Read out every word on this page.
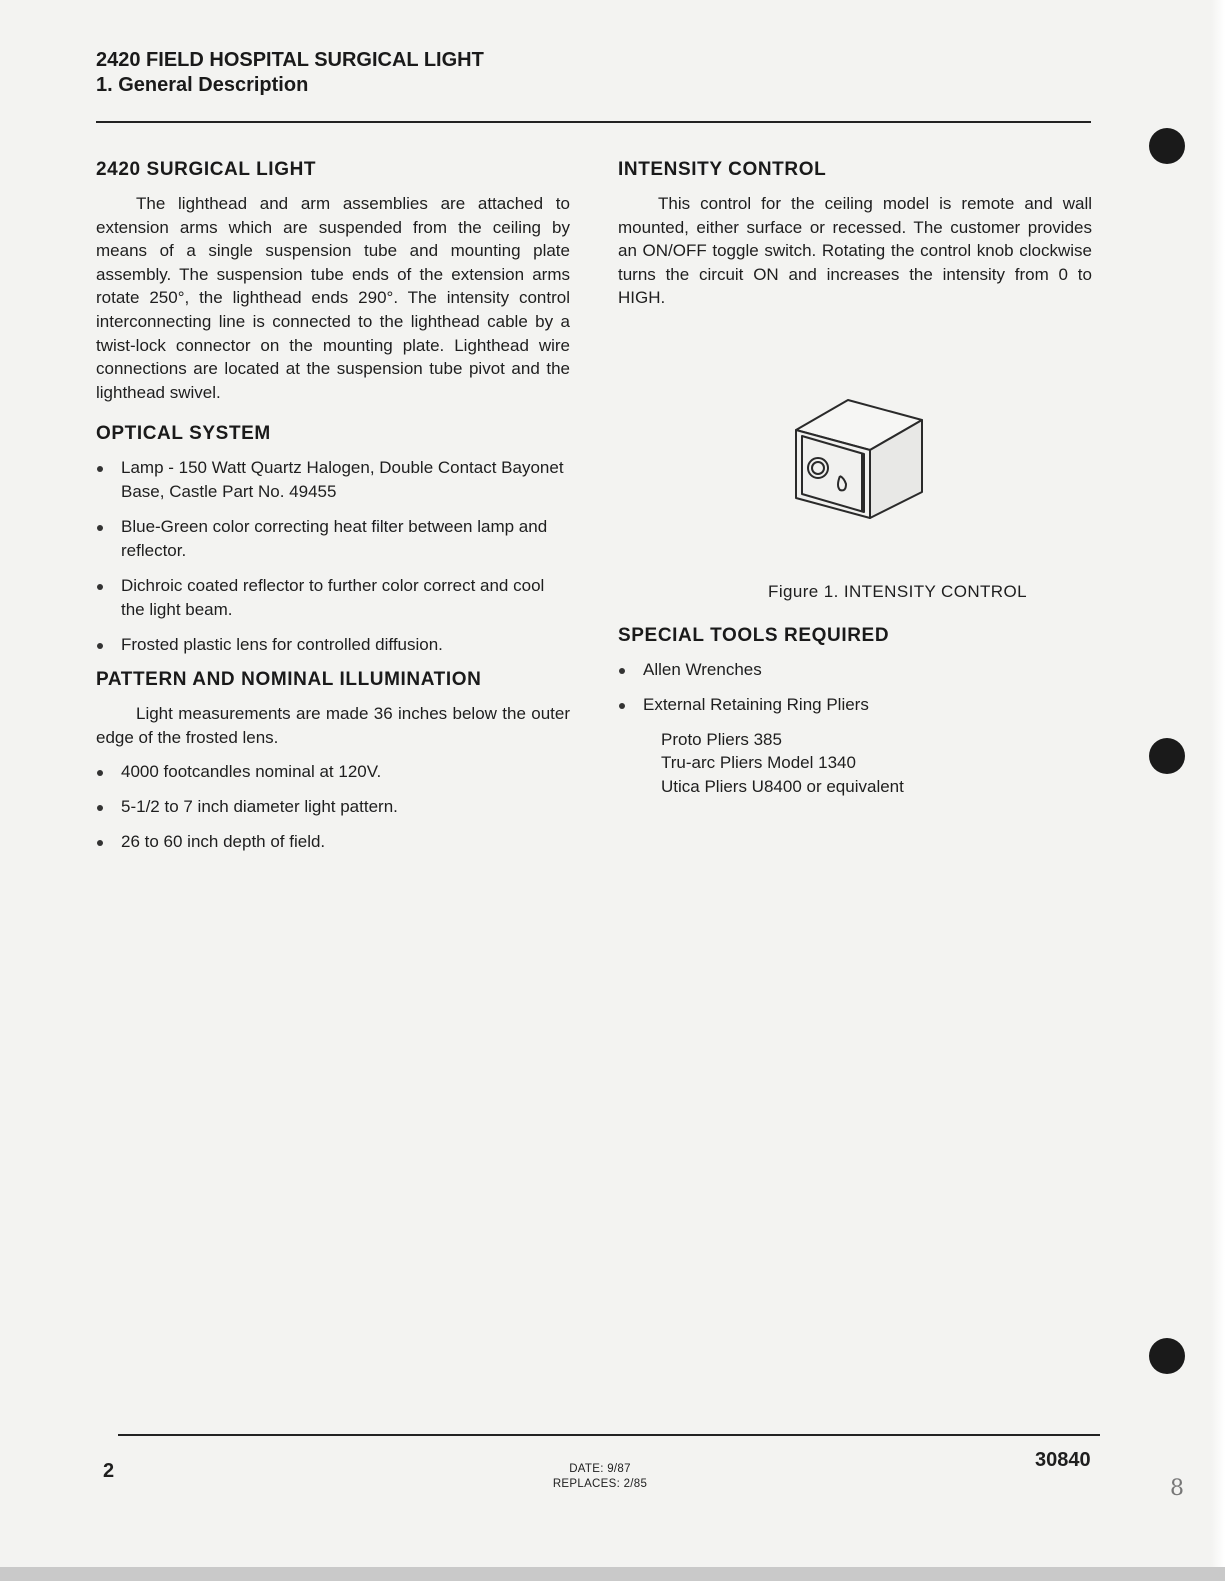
2420 FIELD HOSPITAL SURGICAL LIGHT
1. General Description
2420 SURGICAL LIGHT

The lighthead and arm assemblies are attached to extension arms which are suspended from the ceiling by means of a single suspension tube and mounting plate assembly. The suspension tube ends of the extension arms rotate 250°, the lighthead ends 290°. The intensity control interconnecting line is connected to the lighthead cable by a twist-lock connector on the mounting plate. Lighthead wire connections are located at the suspension tube pivot and the lighthead swivel.

OPTICAL SYSTEM
Lamp - 150 Watt Quartz Halogen, Double Contact Bayonet Base, Castle Part No. 49455
Blue-Green color correcting heat filter between lamp and reflector.
Dichroic coated reflector to further color correct and cool the light beam.
Frosted plastic lens for controlled diffusion.
PATTERN AND NOMINAL ILLUMINATION

Light measurements are made 36 inches below the outer edge of the frosted lens.

4000 footcandles nominal at 120V.
5-1/2 to 7 inch diameter light pattern.
26 to 60 inch depth of field.
INTENSITY CONTROL

This control for the ceiling model is remote and wall mounted, either surface or recessed. The customer provides an ON/OFF toggle switch. Rotating the control knob clockwise turns the circuit ON and increases the intensity from 0 to HIGH.

Figure 1. INTENSITY CONTROL
SPECIAL TOOLS REQUIRED
Allen Wrenches
External Retaining Ring Pliers
Proto Pliers 385
Tru-arc Pliers Model 1340
Utica Pliers U8400 or equivalent
2	DATE: 9/87
REPLACES: 2/85
30840
8
